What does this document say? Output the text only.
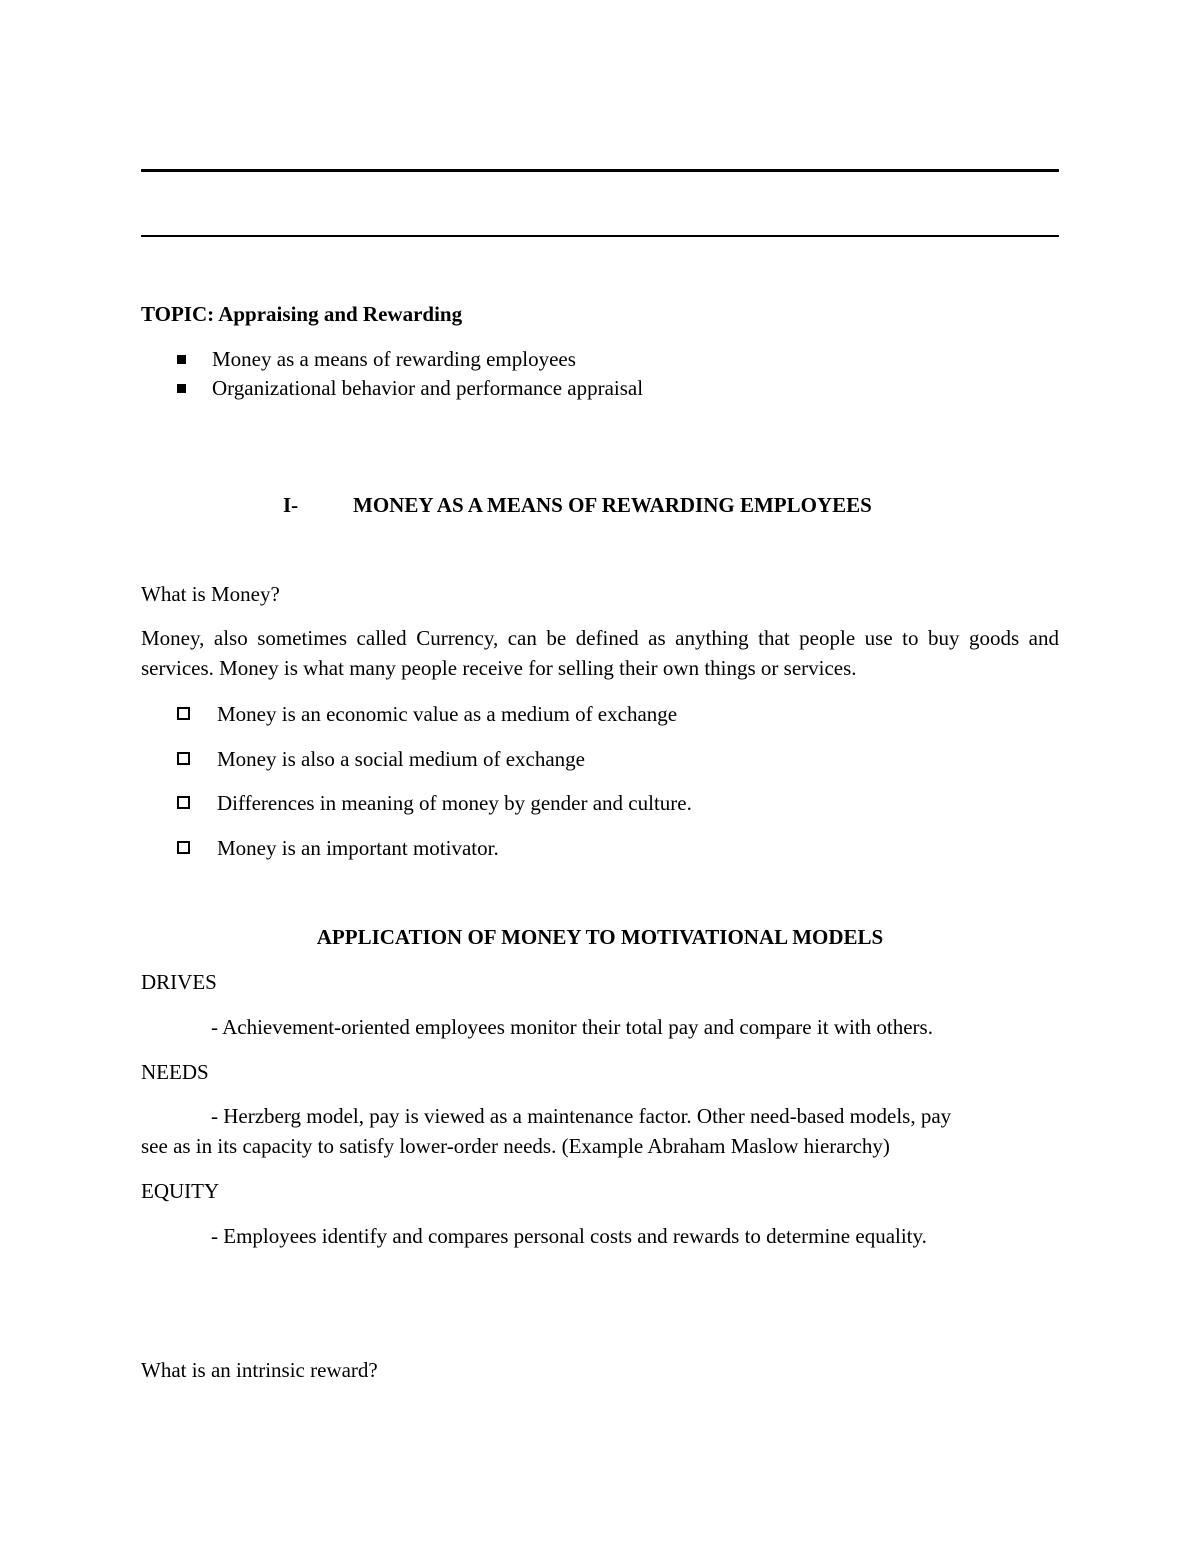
TOPIC: Appraising and Rewarding
Money as a means of rewarding employees
Organizational behavior and performance appraisal
I-	MONEY AS A MEANS OF REWARDING EMPLOYEES
What is Money?
Money, also sometimes called Currency, can be defined as anything that people use to buy goods and services. Money is what many people receive for selling their own things or services.
Money is an economic value as a medium of exchange
Money is also a social medium of exchange
Differences in meaning of money by gender and culture.
Money is an important motivator.
APPLICATION OF MONEY TO MOTIVATIONAL MODELS
DRIVES
- Achievement-oriented employees monitor their total pay and compare it with others.
NEEDS
- Herzberg model, pay is viewed as a maintenance factor. Other need-based models, pay
see as in its capacity to satisfy lower-order needs. (Example Abraham Maslow hierarchy)
EQUITY
- Employees identify and compares personal costs and rewards to determine equality.
What is an intrinsic reward?
